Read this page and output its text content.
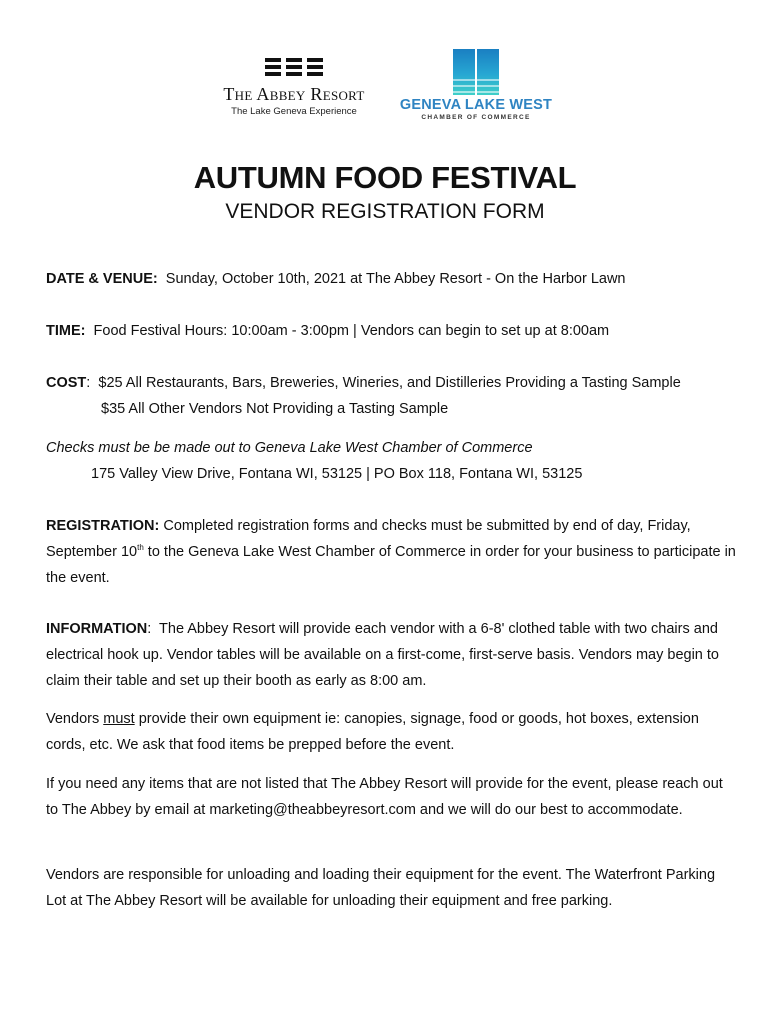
The Abbey Resort
The Lake Geneva Experience	GENEVA LAKE WEST
CHAMBER OF COMMERCE
AUTUMN FOOD FESTIVAL
VENDOR REGISTRATION FORM
DATE & VENUE: Sunday, October 10th, 2021 at The Abbey Resort - On the Harbor Lawn
TIME: Food Festival Hours: 10:00am - 3:00pm | Vendors can begin to set up at 8:00am
COST:  $25 All Restaurants, Bars, Breweries, Wineries, and Distilleries Providing a Tasting Sample
$35 All Other Vendors Not Providing a Tasting Sample
Checks must be be made out to Geneva Lake West Chamber of Commerce
175 Valley View Drive, Fontana WI, 53125 | PO Box 118, Fontana WI, 53125
REGISTRATION: Completed registration forms and checks must be submitted by end of day, Friday, September 10th to the Geneva Lake West Chamber of Commerce in order for your business to participate in the event.
INFORMATION:  The Abbey Resort will provide each vendor with a 6-8' clothed table with two chairs and electrical hook up. Vendor tables will be available on a first-come, first-serve basis. Vendors may begin to claim their table and set up their booth as early as 8:00 am.
Vendors must provide their own equipment ie: canopies, signage, food or goods, hot boxes, extension cords, etc. We ask that food items be prepped before the event.
If you need any items that are not listed that The Abbey Resort will provide for the event, please reach out to The Abbey by email at marketing@theabbeyresort.com and we will do our best to accommodate.
Vendors are responsible for unloading and loading their equipment for the event. The Waterfront Parking Lot at The Abbey Resort will be available for unloading their equipment and free parking.
